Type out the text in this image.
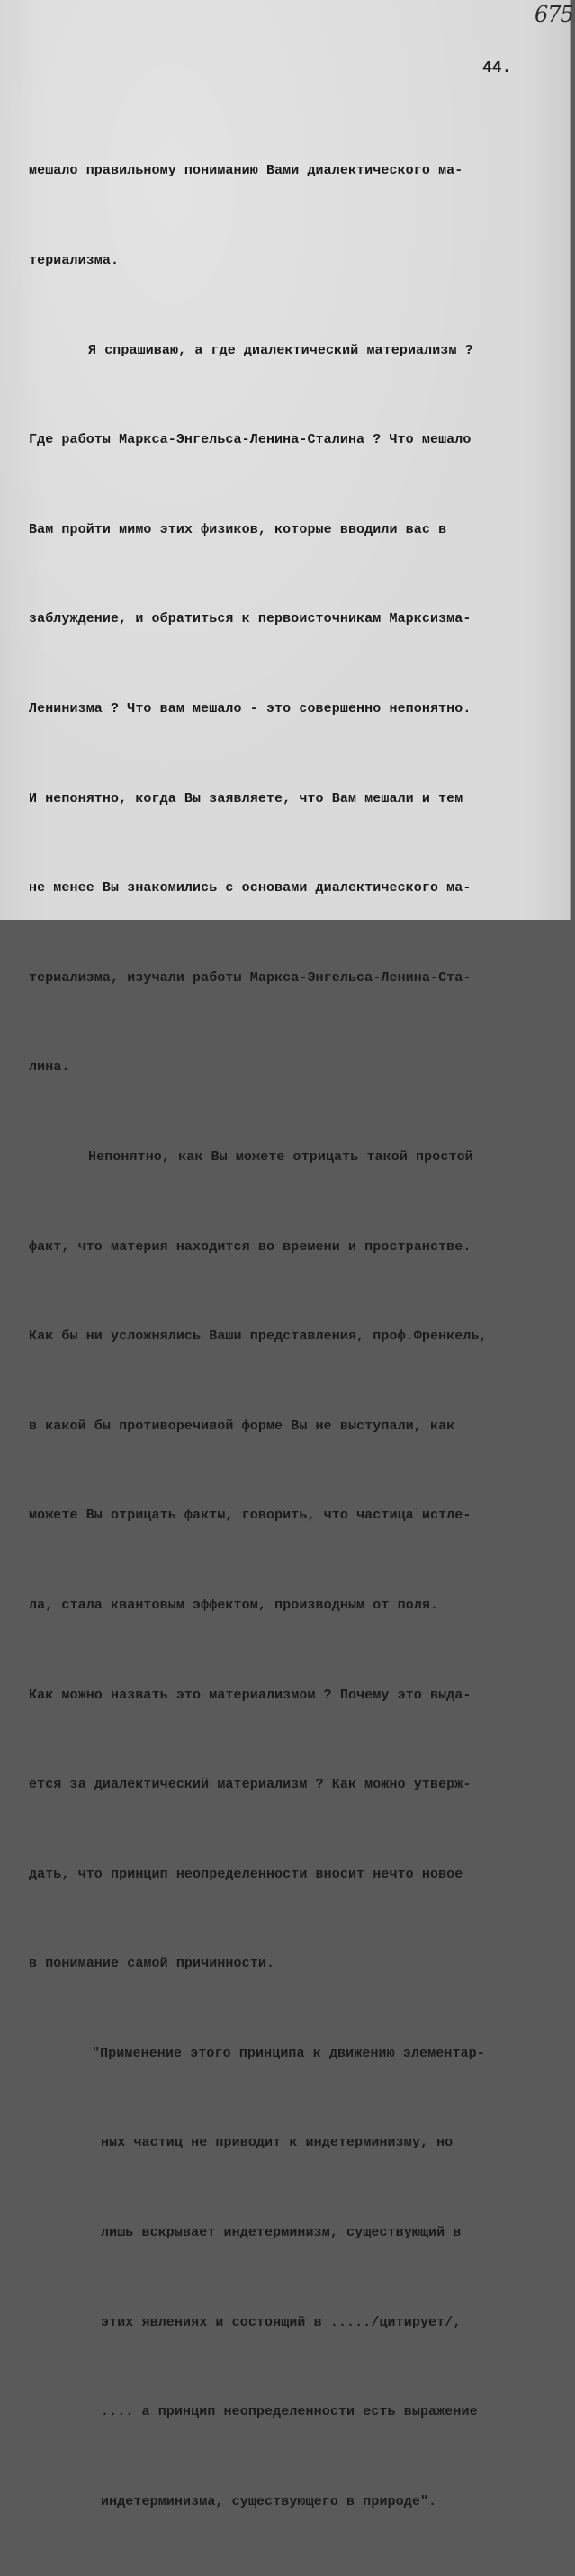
675
44.

мешало правильному пониманию Вами диалектического ма-

териализма.

Я спрашиваю, а где диалектический материализм ?

Где работы Маркса-Энгельса-Ленина-Сталина ? Что мешало

Вам пройти мимо этих физиков, которые вводили вас в

заблуждение, и обратиться к первоисточникам Марксизма-

Ленинизма ? Что вам мешало - это совершенно непонятно.

И непонятно, когда Вы заявляете, что Вам мешали и тем

не менее Вы знакомились с основами диалектического ма-

териализма, изучали работы Маркса-Энгельса-Ленина-Ста-

лина.

Непонятно, как Вы можете отрицать такой простой

факт, что материя находится во времени и пространстве.

Как бы ни усложнялись Ваши представления, проф.Френкель,

в какой бы противоречивой форме Вы не выступали, как

можете Вы отрицать факты, говорить, что частица истле-

ла, стала квантовым эффектом, производным от поля.

Как можно назвать это материализмом ? Почему это выда-

ется за диалектический материализм ? Как можно утверж-

дать, что принцип неопределенности вносит нечто новое

в понимание самой причинности.

"Применение этого принципа к движению элементар-

ных частиц не приводит к индетерминизму, но

лишь вскрывает индетерминизм, существующий в

этих явлениях и состоящий в ...../цитирует/,

.... а принцип неопределенности есть выражение

индетерминизма, существующего в природе".
